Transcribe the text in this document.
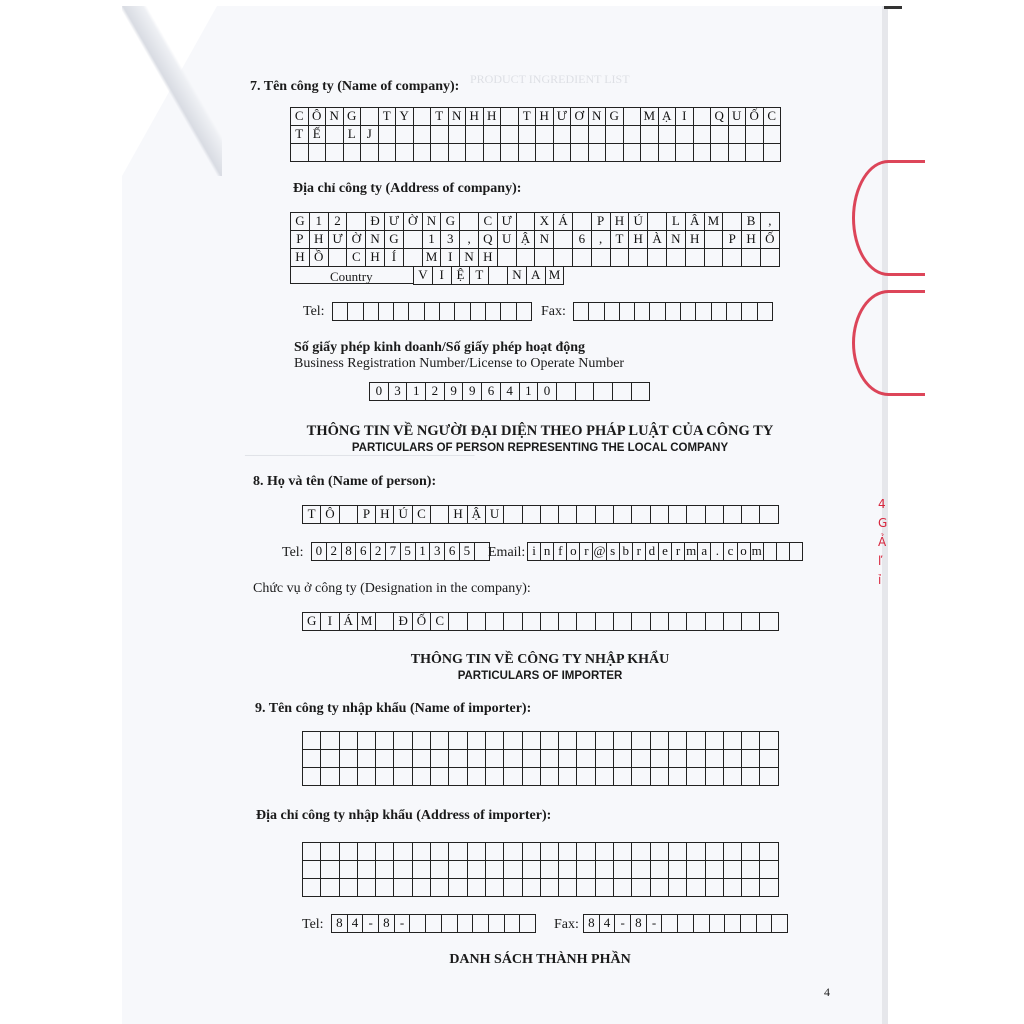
PRODUCT INGREDIENT LIST
───────────────────────────
7. Tên công ty (Name of company):
C Ô N G	T Y	T N H H	T H Ư Ơ N G	M Ạ I	Q U Ố C
T Ế	L J
Địa chỉ công ty (Address of company):
G 1 2	Đ Ư Ờ N G	C Ư	X Á	P H Ú	L Â M	B ,
P H Ư Ờ N G	1 3	, Q U Ậ N	6	,	T H À N H	P H Ố
H Ồ	C H Í	M I N H
Country	V I Ệ T	N A M
Tel:	Fax:
Số giấy phép kinh doanh/Số giấy phép hoạt động
Business Registration Number/License to Operate Number
0 3 1 2 9 9 6 4 1 0
THÔNG TIN VỀ NGƯỜI ĐẠI DIỆN THEO PHÁP LUẬT CỦA CÔNG TY
PARTICULARS OF PERSON REPRESENTING THE LOCAL COMPANY
8. Họ và tên (Name of person):
T Ô	P H Ú C	H Ậ U
Tel: 0 2 8 6 2 7 5 1 3 6 5	Email: i n f o r @ s b r d e r m a . c o m
Chức vụ ở công ty (Designation in the company):
G I Á M	Đ Ố C
THÔNG TIN VỀ CÔNG TY NHẬP KHẨU
PARTICULARS OF IMPORTER
9. Tên công ty nhập khẩu (Name of importer):
Địa chỉ công ty nhập khẩu (Address of importer):
Tel: 8 4 - 8 -	Fax: 8 4 - 8 -
DANH SÁCH THÀNH PHẦN
4
4
G
Ả
ľ
ỉ
